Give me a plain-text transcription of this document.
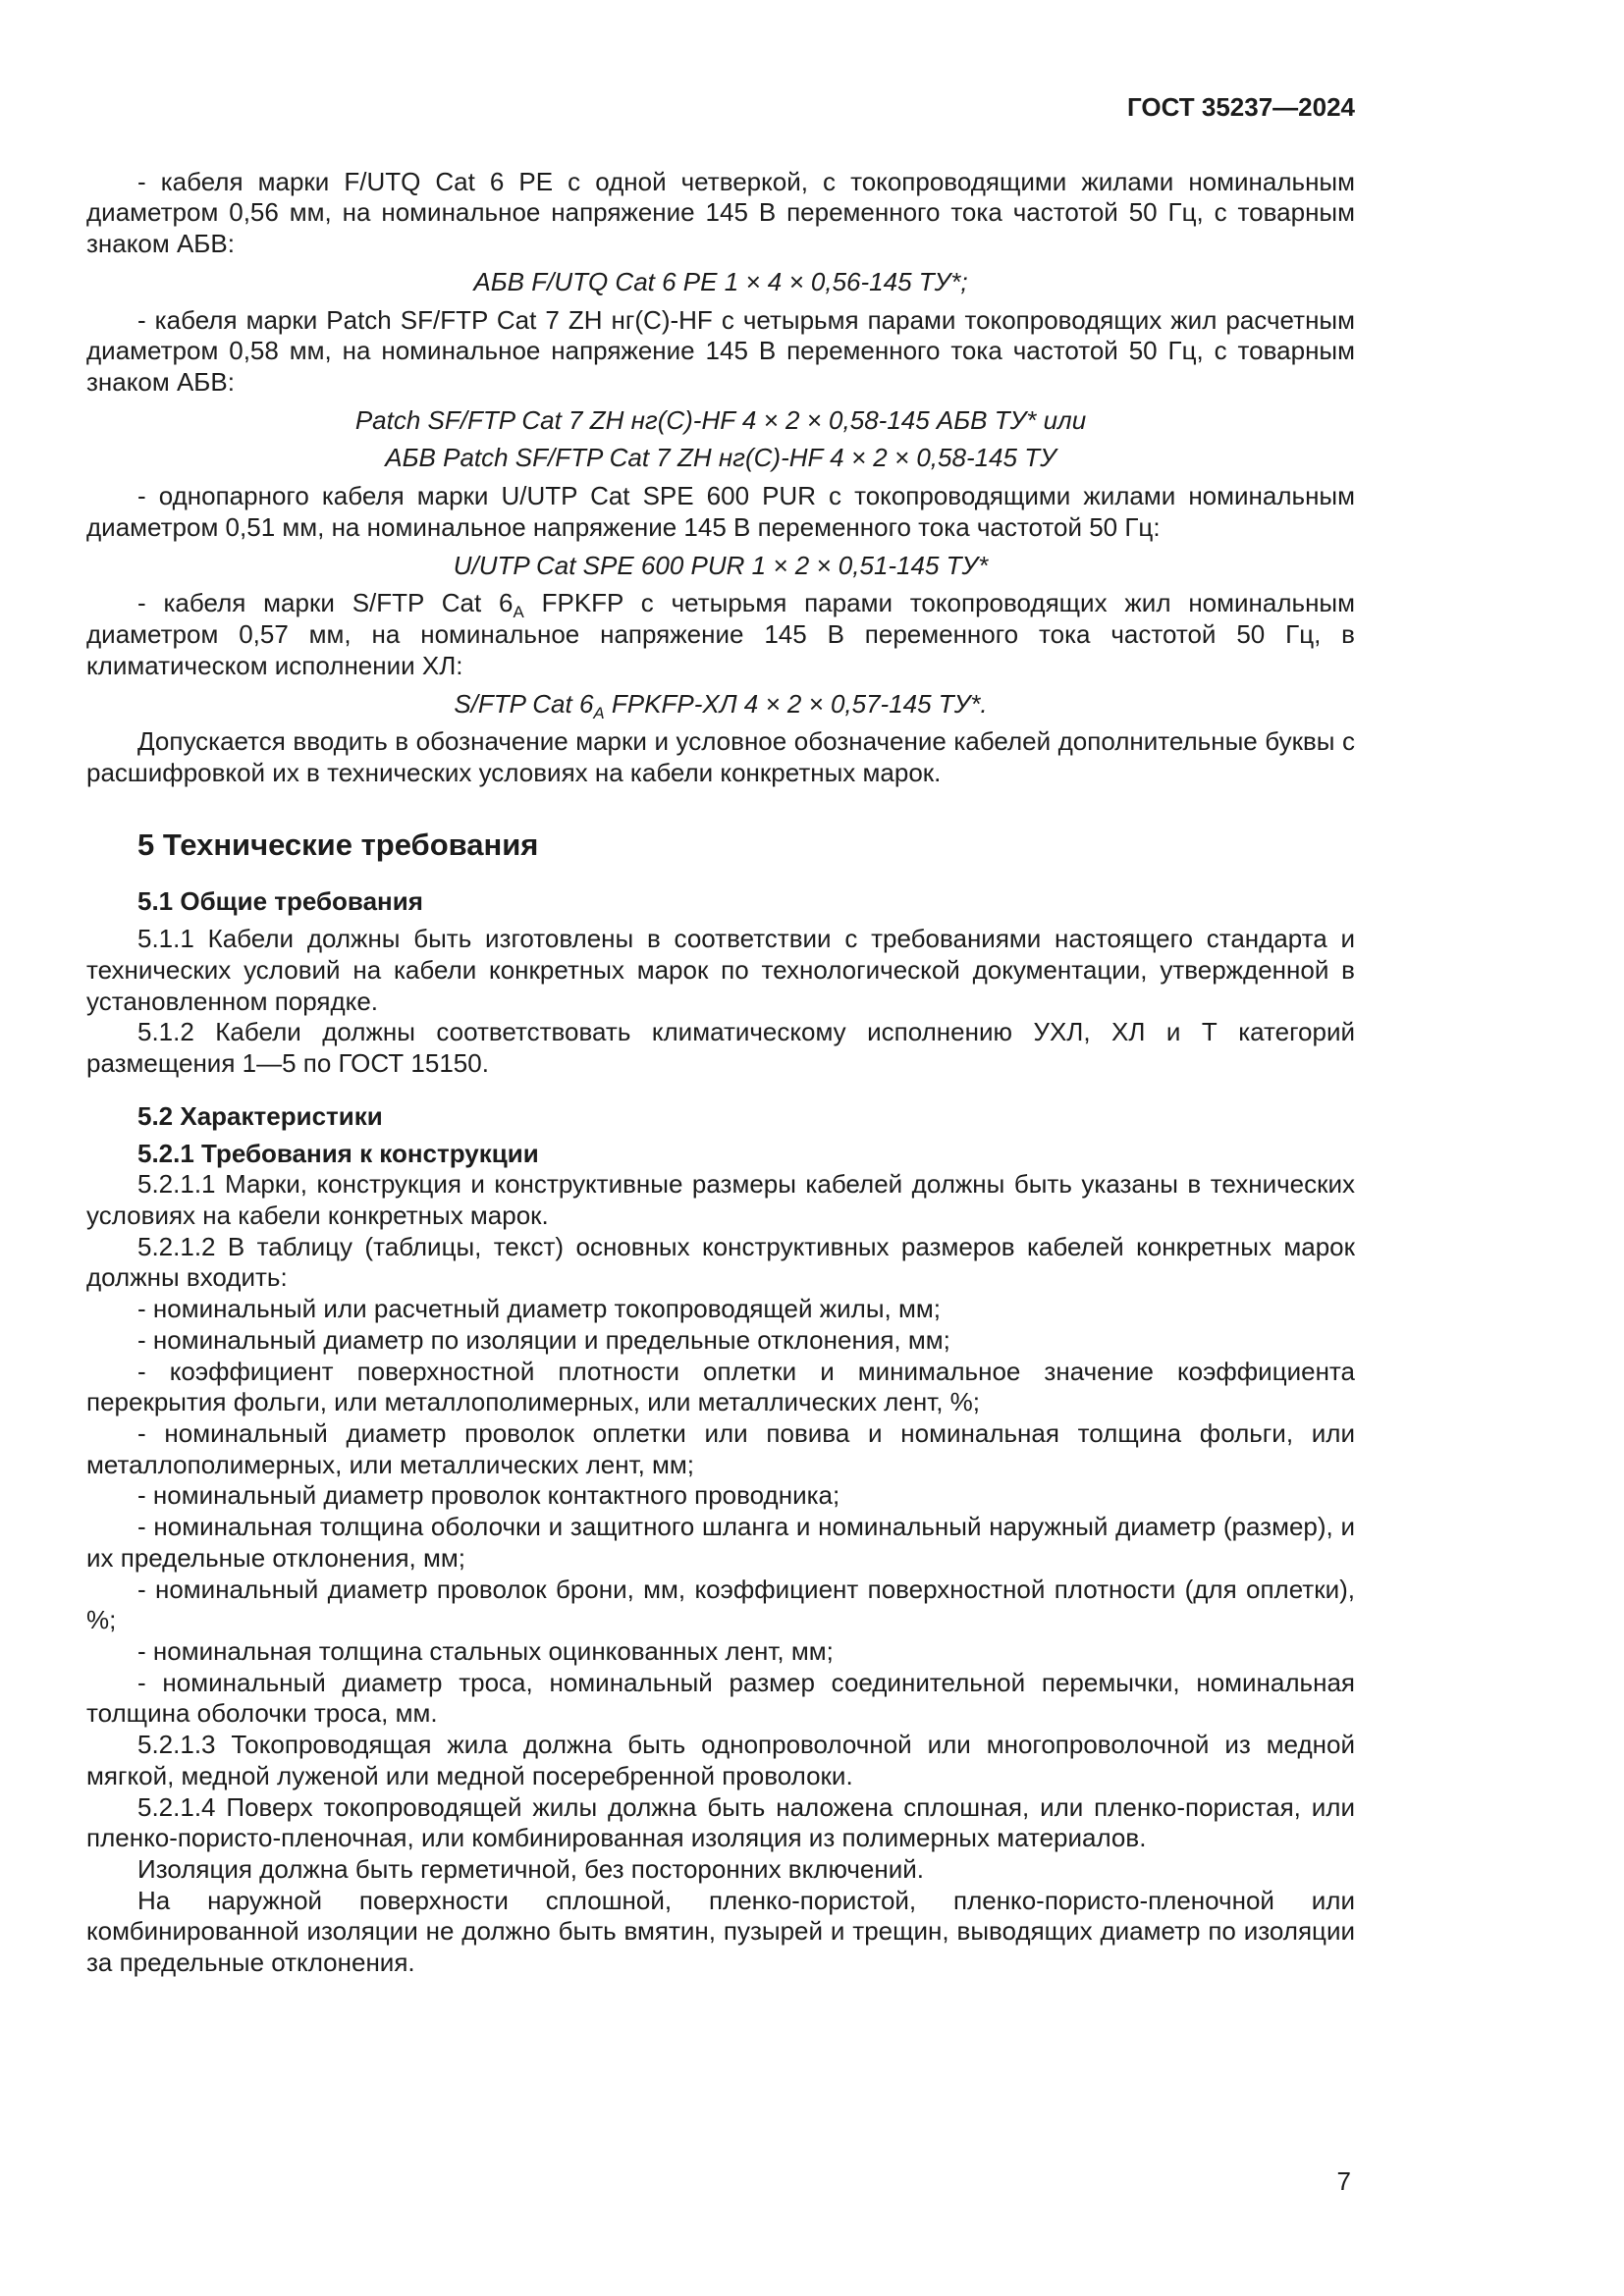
ГОСТ 35237—2024

- кабеля марки F/UTQ Cat 6 PE с одной четверкой, с токопроводящими жилами номинальным диаметром 0,56 мм, на номинальное напряжение 145 В переменного тока частотой 50 Гц, с товарным знаком АБВ:

АБВ F/UTQ Cat 6 PE 1 × 4 × 0,56-145 ТУ*;

- кабеля марки Patch SF/FTP Cat 7 ZH нг(С)-HF с четырьмя парами токопроводящих жил расчетным диаметром 0,58 мм, на номинальное напряжение 145 В переменного тока частотой 50 Гц, с товарным знаком АБВ:

Patch SF/FTP Cat 7 ZH нг(С)-HF 4 × 2 × 0,58-145 АБВ ТУ* или

АБВ Patch SF/FTP Cat 7 ZH нг(С)-HF 4 × 2 × 0,58-145 ТУ

- однопарного кабеля марки U/UTP Cat SPE 600 PUR с токопроводящими жилами номинальным диаметром 0,51 мм, на номинальное напряжение 145 В переменного тока частотой 50 Гц:

U/UTP Cat SPE 600 PUR 1 × 2 × 0,51-145 ТУ*

- кабеля марки S/FTP Cat $6_А$ FPKFP с четырьмя парами токопроводящих жил номинальным диаметром 0,57 мм, на номинальное напряжение 145 В переменного тока частотой 50 Гц, в климатическом исполнении ХЛ:

S/FTP Cat $6_А$ FPKFP-ХЛ 4 × 2 × 0,57-145 ТУ*.

Допускается вводить в обозначение марки и условное обозначение кабелей дополнительные буквы с расшифровкой их в технических условиях на кабели конкретных марок.

5 Технические требования

5.1 Общие требования

5.1.1 Кабели должны быть изготовлены в соответствии с требованиями настоящего стандарта и технических условий на кабели конкретных марок по технологической документации, утвержденной в установленном порядке.

5.1.2 Кабели должны соответствовать климатическому исполнению УХЛ, ХЛ и Т категорий размещения 1—5 по ГОСТ 15150.

5.2 Характеристики

5.2.1 Требования к конструкции

5.2.1.1 Марки, конструкция и конструктивные размеры кабелей должны быть указаны в технических условиях на кабели конкретных марок.

5.2.1.2 В таблицу (таблицы, текст) основных конструктивных размеров кабелей конкретных марок должны входить:

- номинальный или расчетный диаметр токопроводящей жилы, мм;

- номинальный диаметр по изоляции и предельные отклонения, мм;

- коэффициент поверхностной плотности оплетки и минимальное значение коэффициента перекрытия фольги, или металлополимерных, или металлических лент, %;

- номинальный диаметр проволок оплетки или повива и номинальная толщина фольги, или металлополимерных, или металлических лент, мм;

- номинальный диаметр проволок контактного проводника;

- номинальная толщина оболочки и защитного шланга и номинальный наружный диаметр (размер), и их предельные отклонения, мм;

- номинальный диаметр проволок брони, мм, коэффициент поверхностной плотности (для оплетки), %;

- номинальная толщина стальных оцинкованных лент, мм;

- номинальный диаметр троса, номинальный размер соединительной перемычки, номинальная толщина оболочки троса, мм.

5.2.1.3 Токопроводящая жила должна быть однопроволочной или многопроволочной из медной мягкой, медной луженой или медной посеребренной проволоки.

5.2.1.4 Поверх токопроводящей жилы должна быть наложена сплошная, или пленко-пористая, или пленко-пористо-пленочная, или комбинированная изоляция из полимерных материалов.

Изоляция должна быть герметичной, без посторонних включений.

На наружной поверхности сплошной, пленко-пористой, пленко-пористо-пленочной или комбинированной изоляции не должно быть вмятин, пузырей и трещин, выводящих диаметр по изоляции за предельные отклонения.

7
